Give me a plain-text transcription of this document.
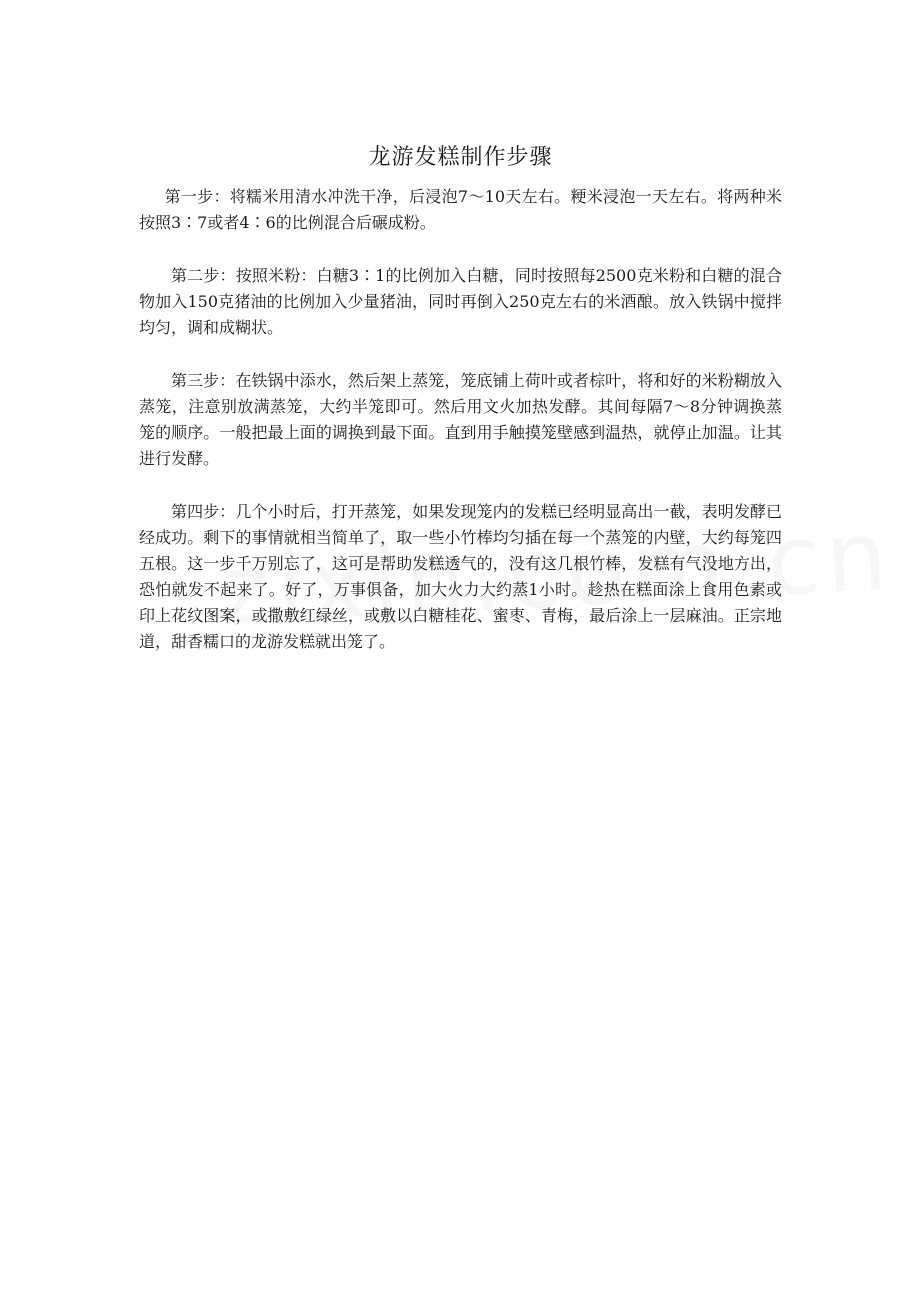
龙游发糕制作步骤

第一步：将糯米用清水冲洗干净，后浸泡7～10天左右。粳米浸泡一天左右。将两种米按照3∶7或者4∶6的比例混合后碾成粉。

第二步：按照米粉：白糖3∶1的比例加入白糖，同时按照每2500克米粉和白糖的混合物加入150克猪油的比例加入少量猪油，同时再倒入250克左右的米酒酿。放入铁锅中搅拌均匀，调和成糊状。

第三步：在铁锅中添水，然后架上蒸笼，笼底铺上荷叶或者棕叶，将和好的米粉糊放入蒸笼，注意别放满蒸笼，大约半笼即可。然后用文火加热发酵。其间每隔7～8分钟调换蒸笼的顺序。一般把最上面的调换到最下面。直到用手触摸笼壁感到温热，就停止加温。让其进行发酵。

第四步：几个小时后，打开蒸笼，如果发现笼内的发糕已经明显高出一截，表明发酵已经成功。剩下的事情就相当简单了，取一些小竹棒均匀插在每一个蒸笼的内壁，大约每笼四五根。这一步千万别忘了，这可是帮助发糕透气的，没有这几根竹棒，发糕有气没地方出，恐怕就发不起来了。好了，万事俱备，加大火力大约蒸1小时。趁热在糕面涂上食用色素或印上花纹图案，或撒敷红绿丝，或敷以白糖桂花、蜜枣、青梅，最后涂上一层麻油。正宗地道，甜香糯口的龙游发糕就出笼了。
